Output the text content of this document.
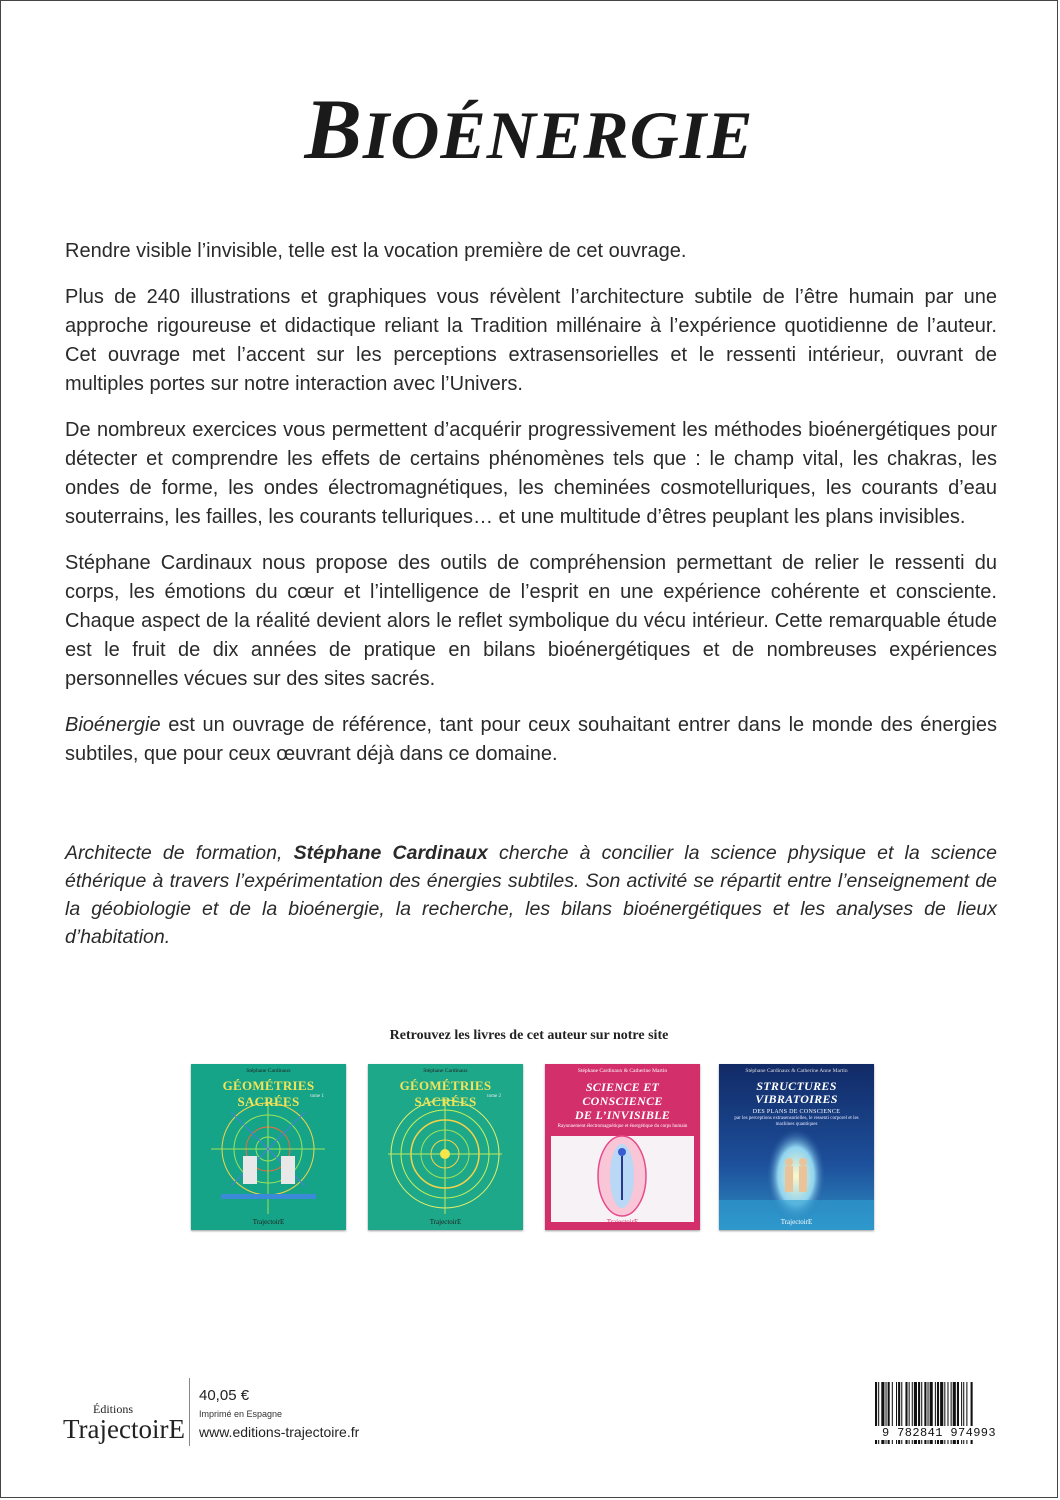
BIOÉNERGIE

Rendre visible l’invisible, telle est la vocation première de cet ouvrage.

Plus de 240 illustrations et graphiques vous révèlent l’architecture subtile de l’être humain par une approche rigoureuse et didactique reliant la Tradition millénaire à l’expérience quotidienne de l’auteur. Cet ouvrage met l’accent sur les perceptions extrasensorielles et le ressenti intérieur, ouvrant de multiples portes sur notre interaction avec l’Univers.

De nombreux exercices vous permettent d’acquérir progressivement les méthodes bioénergétiques pour détecter et comprendre les effets de certains phénomènes tels que : le champ vital, les chakras, les ondes de forme, les ondes électromagnétiques, les cheminées cosmotelluriques, les courants d’eau souterrains, les failles, les courants telluriques… et une multitude d’êtres peuplant les plans invisibles.

Stéphane Cardinaux nous propose des outils de compréhension permettant de relier le ressenti du corps, les émotions du cœur et l’intelligence de l’esprit en une expérience cohérente et consciente. Chaque aspect de la réalité devient alors le reflet symbolique du vécu intérieur. Cette remarquable étude est le fruit de dix années de pratique en bilans bioénergétiques et de nombreuses expériences personnelles vécues sur des sites sacrés.

Bioénergie est un ouvrage de référence, tant pour ceux souhaitant entrer dans le monde des énergies subtiles, que pour ceux œuvrant déjà dans ce domaine.

Architecte de formation, Stéphane Cardinaux cherche à concilier la science physique et la science éthérique à travers l’expérimentation des énergies subtiles. Son activité se répartit entre l’enseignement de la géobiologie et de la bioénergie, la recherche, les bilans bioénergétiques et les analyses de lieux d’habitation.
Retrouvez les livres de cet auteur sur notre site
Stéphane Cardinaux
GÉOMÉTRIES SACRÉES	tome 1
TrajectoirE
Stéphane Cardinaux
GÉOMÉTRIES SACRÉES	tome 2
TrajectoirE
Stéphane Cardinaux & Catherine Martin
SCIENCE ET
CONSCIENCE
DE L’INVISIBLE
Rayonnement électromagnétique et énergétique du corps humain
TrajectoirE
Stéphane Cardinaux & Catherine Anne Martin
STRUCTURES
VIBRATOIRES
DES PLANS DE CONSCIENCE
par les perceptions extrasensorielles, le ressenti corporel et les machines quantiques
TrajectoirE
Éditions
TrajectoirE
40,05 €
Imprimé en Espagne
www.editions-trajectoire.fr	9 782841 974993
